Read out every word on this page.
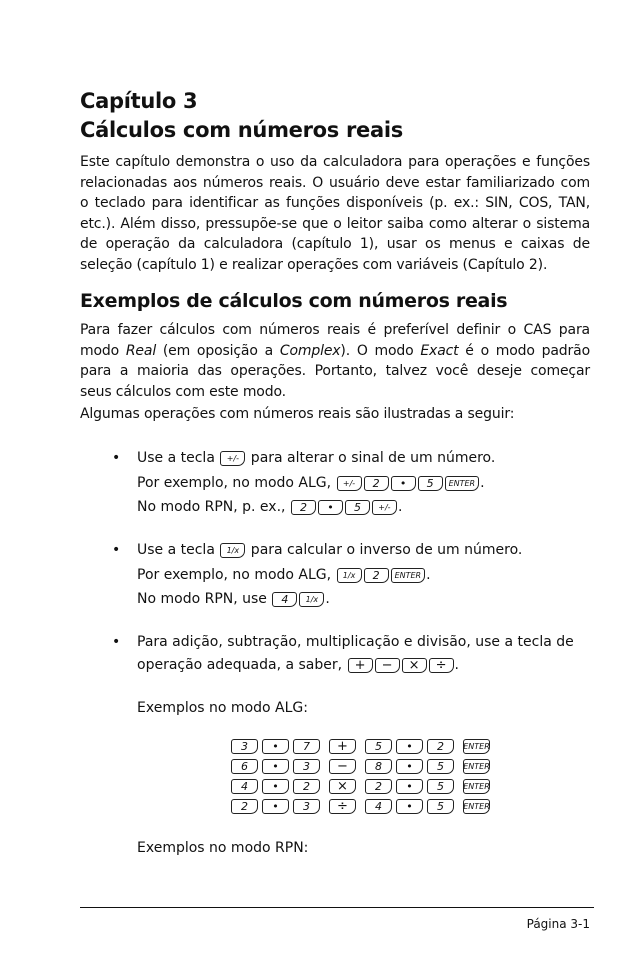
Capítulo 3
Cálculos com números reais

Este capítulo demonstra o uso da calculadora para operações e funções
relacionadas aos números reais. O usuário deve estar familiarizado com
o teclado para identificar as funções disponíveis (p. ex.: SIN, COS, TAN,
etc.). Além disso, pressupõe-se que o leitor saiba como alterar o sistema
de operação da calculadora (capítulo 1), usar os menus e caixas de
seleção (capítulo 1) e realizar operações com variáveis (Capítulo 2).

Exemplos de cálculos com números reais

Para fazer cálculos com números reais é preferível definir o CAS para
modo Real (em oposição a Complex). O modo Exact é o modo padrão
para a maioria das operações. Portanto, talvez você deseje começar
seus cálculos com este modo.

Algumas operações com números reais são ilustradas a seguir:

• Use a tecla +/- para alterar o sinal de um número.
Por exemplo, no modo ALG, +/-	2	•	5	ENTER .
No modo RPN, p. ex., 2	•	5	+/- .
• Use a tecla 1/x para calcular o inverso de um número.
Por exemplo, no modo ALG, 1/x	2	ENTER .
No modo RPN, use 4	1/x .
• Para adição, subtração, multiplicação e divisão, use a tecla de
operação adequada, a saber, +	−	×	÷ .
Exemplos no modo ALG:
3	•	7	+	5	•	2	ENTER
6	•	3	−	8	•	5	ENTER
4	•	2	×	2	•	5	ENTER
2	•	3	÷	4	•	5	ENTER
Exemplos no modo RPN:
Página 3-1
